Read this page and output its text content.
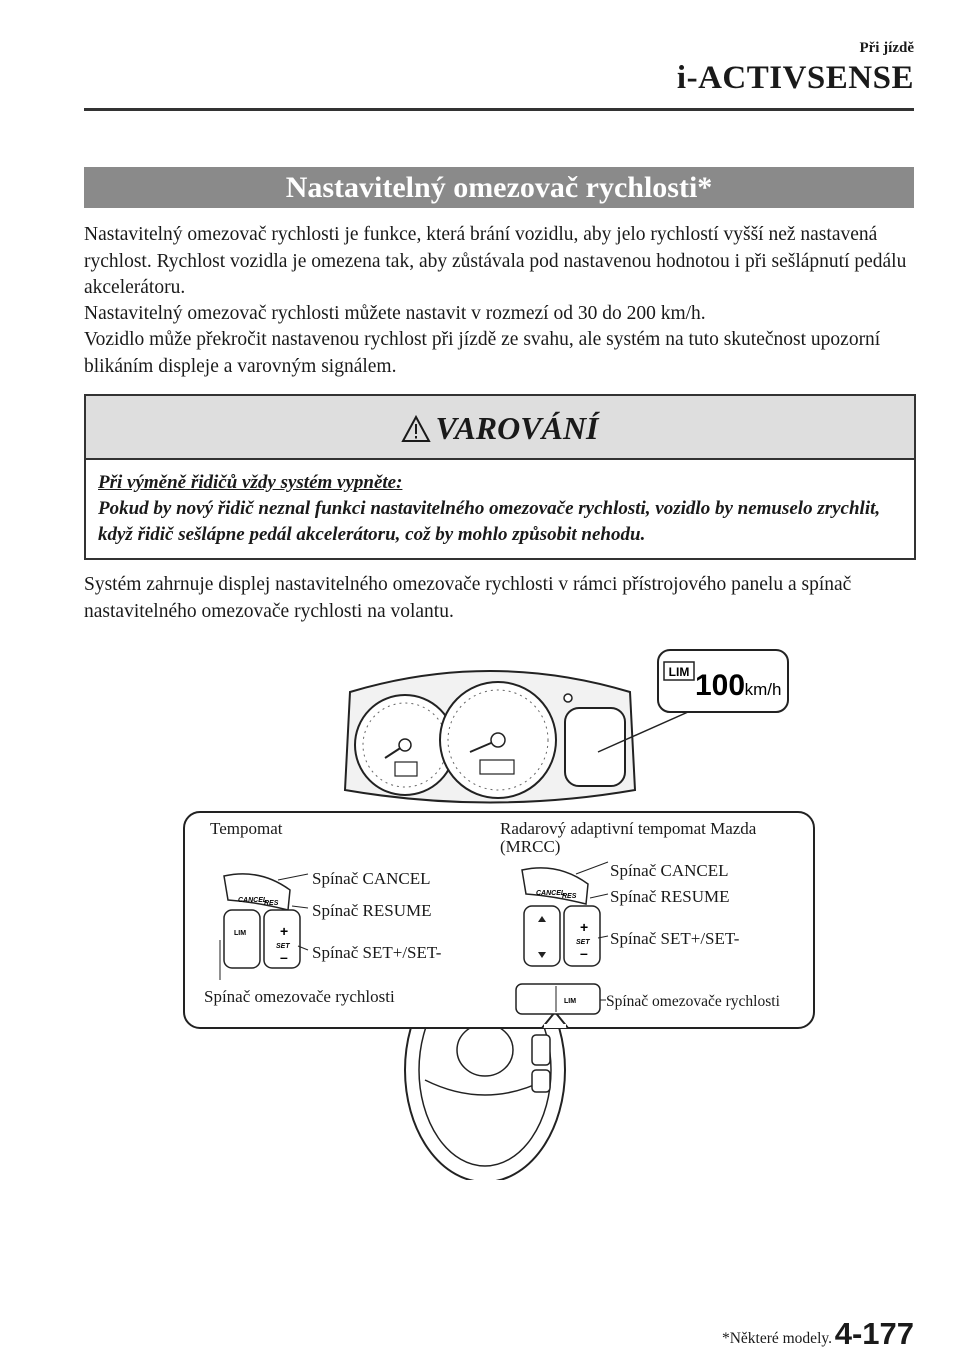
Při jízdě
i-ACTIVSENSE
Nastavitelný omezovač rychlosti*

Nastavitelný omezovač rychlosti je funkce, která brání vozidlu, aby jelo rychlostí vyšší než nastavená rychlost. Rychlost vozidla je omezena tak, aby zůstávala pod nastavenou hodnotou i při sešlápnutí pedálu akcelerátoru.

Nastavitelný omezovač rychlosti můžete nastavit v rozmezí od 30 do 200 km/h.

Vozidlo může překročit nastavenou rychlost při jízdě ze svahu, ale systém na tuto skutečnost upozorní blikáním displeje a varovným signálem.

VAROVÁNÍ
Při výměně řidičů vždy systém vypněte:
Pokud by nový řidič neznal funkci nastavitelného omezovače rychlosti, vozidlo by nemuselo zrychlit, když řidič sešlápne pedál akcelerátoru, což by mohlo způsobit nehodu.

Systém zahrnuje displej nastavitelného omezovače rychlosti v rámci přístrojového panelu a spínač nastavitelného omezovače rychlosti na volantu.

LIM 100 km/h
Tempomat
CANCEL
RES
LIM +
SET
–
Spínač CANCEL
Spínač RESUME
Spínač SET+/SET-
Spínač omezovače rychlosti
Radarový adaptivní tempomat Mazda
(MRCC)
CANCEL
RES
+
SET
–
Spínač CANCEL
Spínač RESUME
Spínač SET+/SET-
LIM Spínač omezovače rychlosti
*Některé modely. 4-177
